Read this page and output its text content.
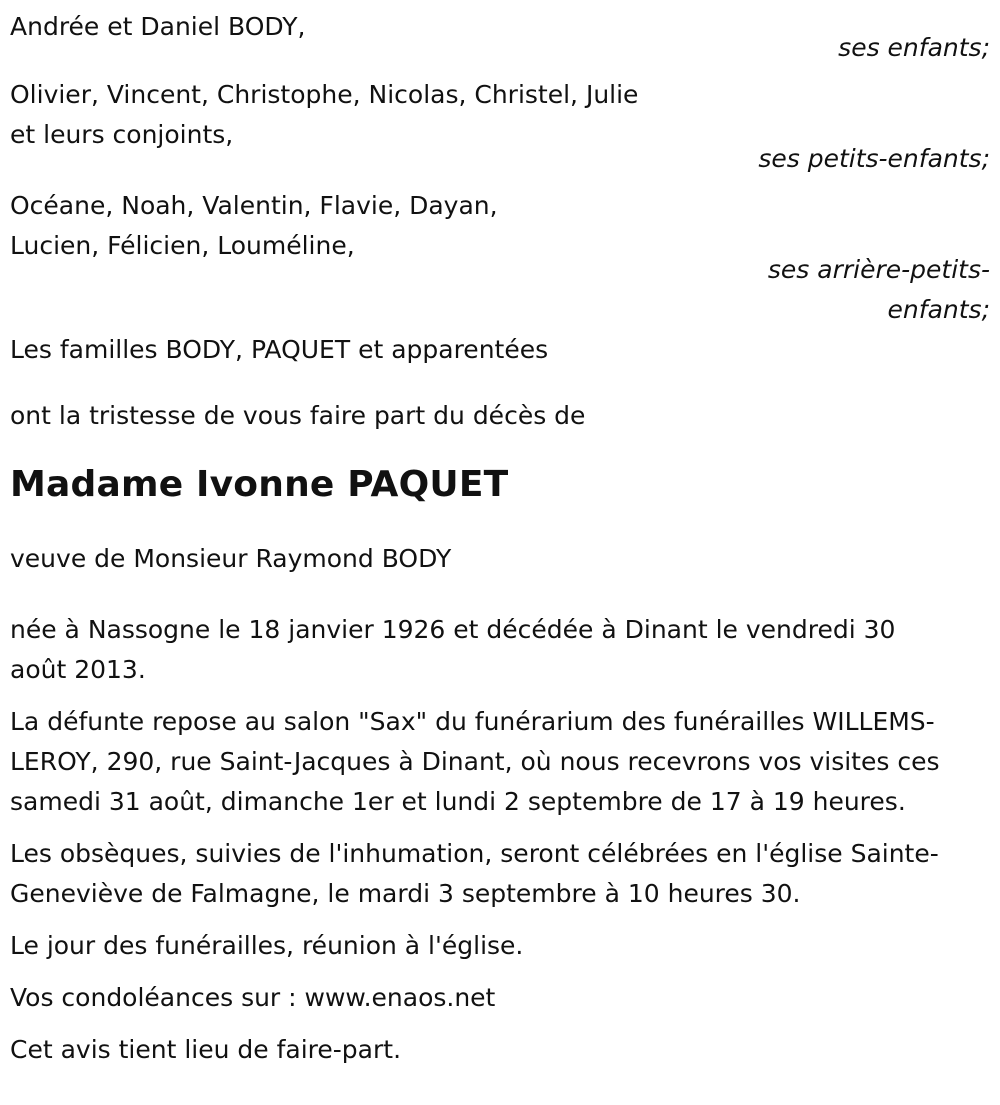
Andrée et Daniel BODY,
ses enfants;
Olivier, Vincent, Christophe, Nicolas, Christel, Julie
et leurs conjoints,
ses petits-enfants;
Océane, Noah, Valentin, Flavie, Dayan,
Lucien, Félicien, Louméline,
ses arrière-petits-
enfants;
Les familles BODY, PAQUET et apparentées
ont la tristesse de vous faire part du décès de
Madame Ivonne PAQUET
veuve de Monsieur Raymond BODY
née à Nassogne le 18 janvier 1926 et décédée à Dinant le vendredi 30
août 2013.
La défunte repose au salon "Sax" du funérarium des funérailles WILLEMS-
LEROY, 290, rue Saint-Jacques à Dinant, où nous recevrons vos visites ces
samedi 31 août, dimanche 1er et lundi 2 septembre de 17 à 19 heures.
Les obsèques, suivies de l'inhumation, seront célébrées en l'église Sainte-
Geneviève de Falmagne, le mardi 3 septembre à 10 heures 30.
Le jour des funérailles, réunion à l'église.
Vos condoléances sur : www.enaos.net
Cet avis tient lieu de faire-part.
